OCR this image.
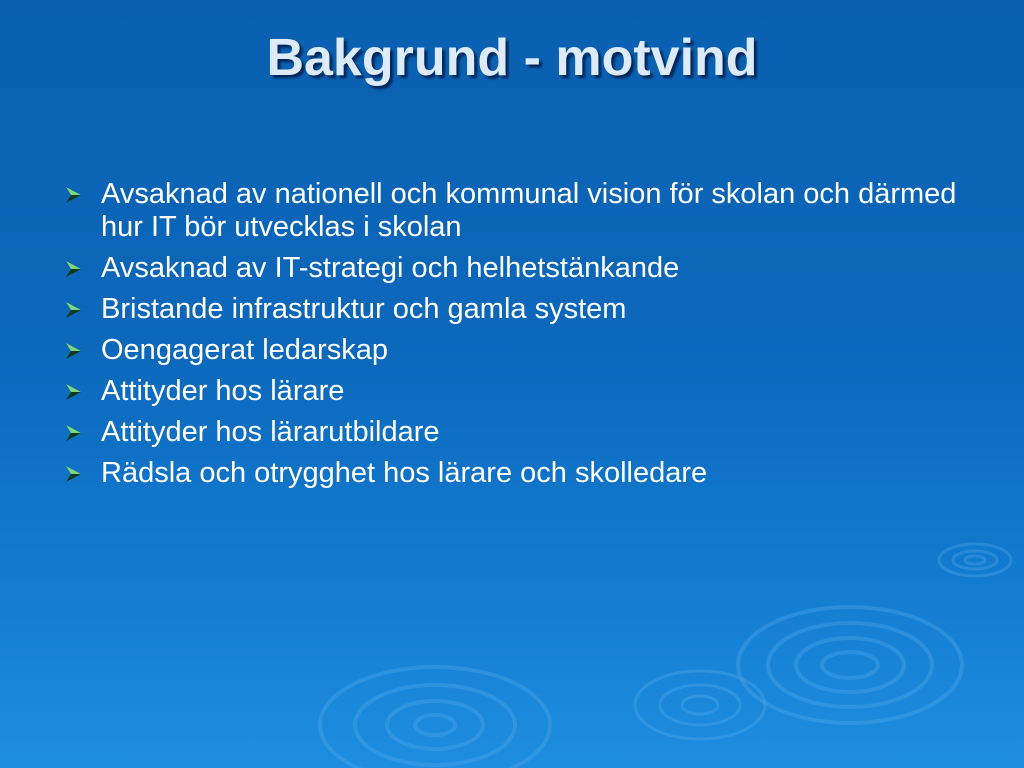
Bakgrund - motvind
Avsaknad av nationell och kommunal vision för skolan och därmed hur IT bör utvecklas i skolan
Avsaknad av IT-strategi och helhetstänkande
Bristande infrastruktur och gamla system
Oengagerat ledarskap
Attityder hos lärare
Attityder hos lärarutbildare
Rädsla och otrygghet hos lärare och skolledare
